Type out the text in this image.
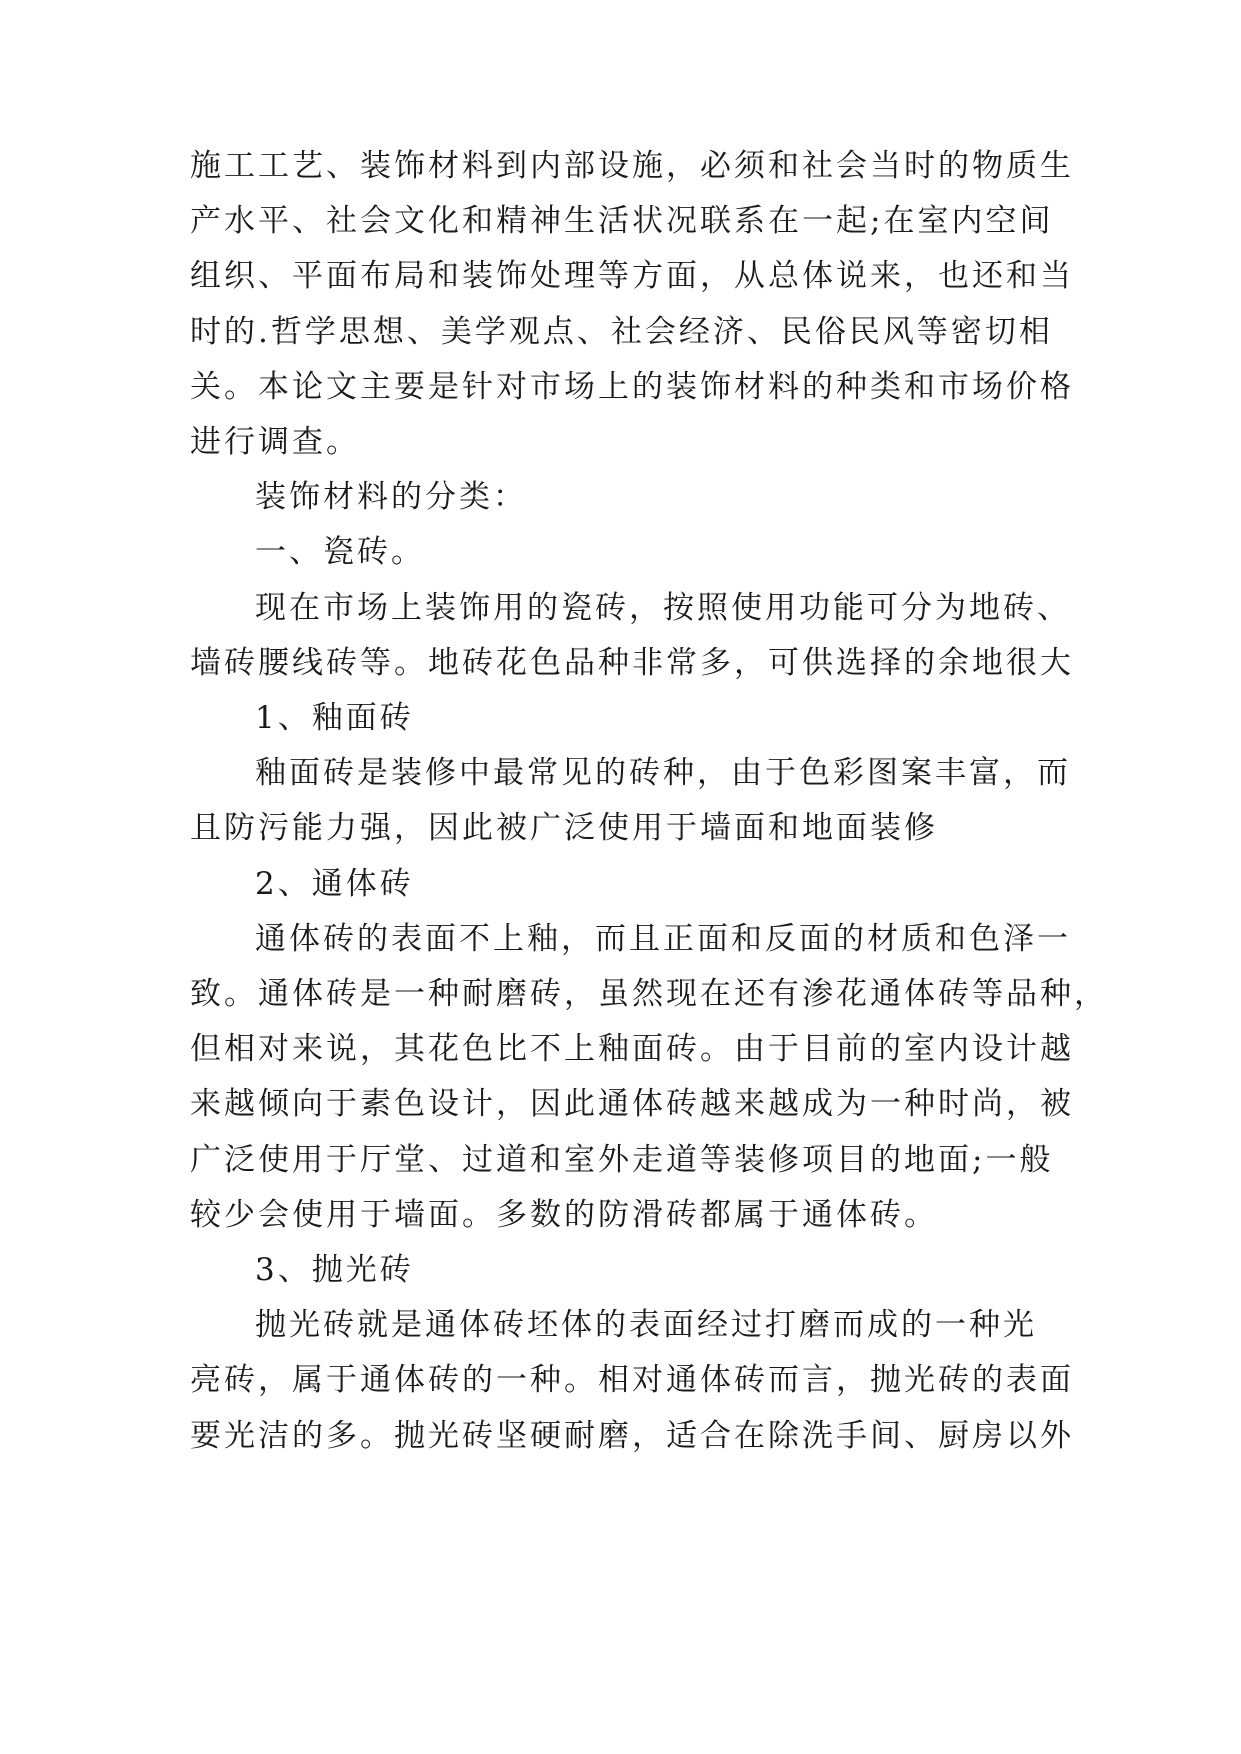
施工工艺、装饰材料到内部设施，必须和社会当时的物质生
产水平、社会文化和精神生活状况联系在一起;在室内空间
组织、平面布局和装饰处理等方面，从总体说来，也还和当
时的.哲学思想、美学观点、社会经济、民俗民风等密切相
关。本论文主要是针对市场上的装饰材料的种类和市场价格
进行调查。
装饰材料的分类：
一、瓷砖。
现在市场上装饰用的瓷砖，按照使用功能可分为地砖、
墙砖腰线砖等。地砖花色品种非常多，可供选择的余地很大
1、釉面砖
釉面砖是装修中最常见的砖种，由于色彩图案丰富，而
且防污能力强，因此被广泛使用于墙面和地面装修
2、通体砖
通体砖的表面不上釉，而且正面和反面的材质和色泽一
致。通体砖是一种耐磨砖，虽然现在还有渗花通体砖等品种，
但相对来说，其花色比不上釉面砖。由于目前的室内设计越
来越倾向于素色设计，因此通体砖越来越成为一种时尚，被
广泛使用于厅堂、过道和室外走道等装修项目的地面;一般
较少会使用于墙面。多数的防滑砖都属于通体砖。
3、抛光砖
抛光砖就是通体砖坯体的表面经过打磨而成的一种光
亮砖，属于通体砖的一种。相对通体砖而言，抛光砖的表面
要光洁的多。抛光砖坚硬耐磨，适合在除洗手间、厨房以外
